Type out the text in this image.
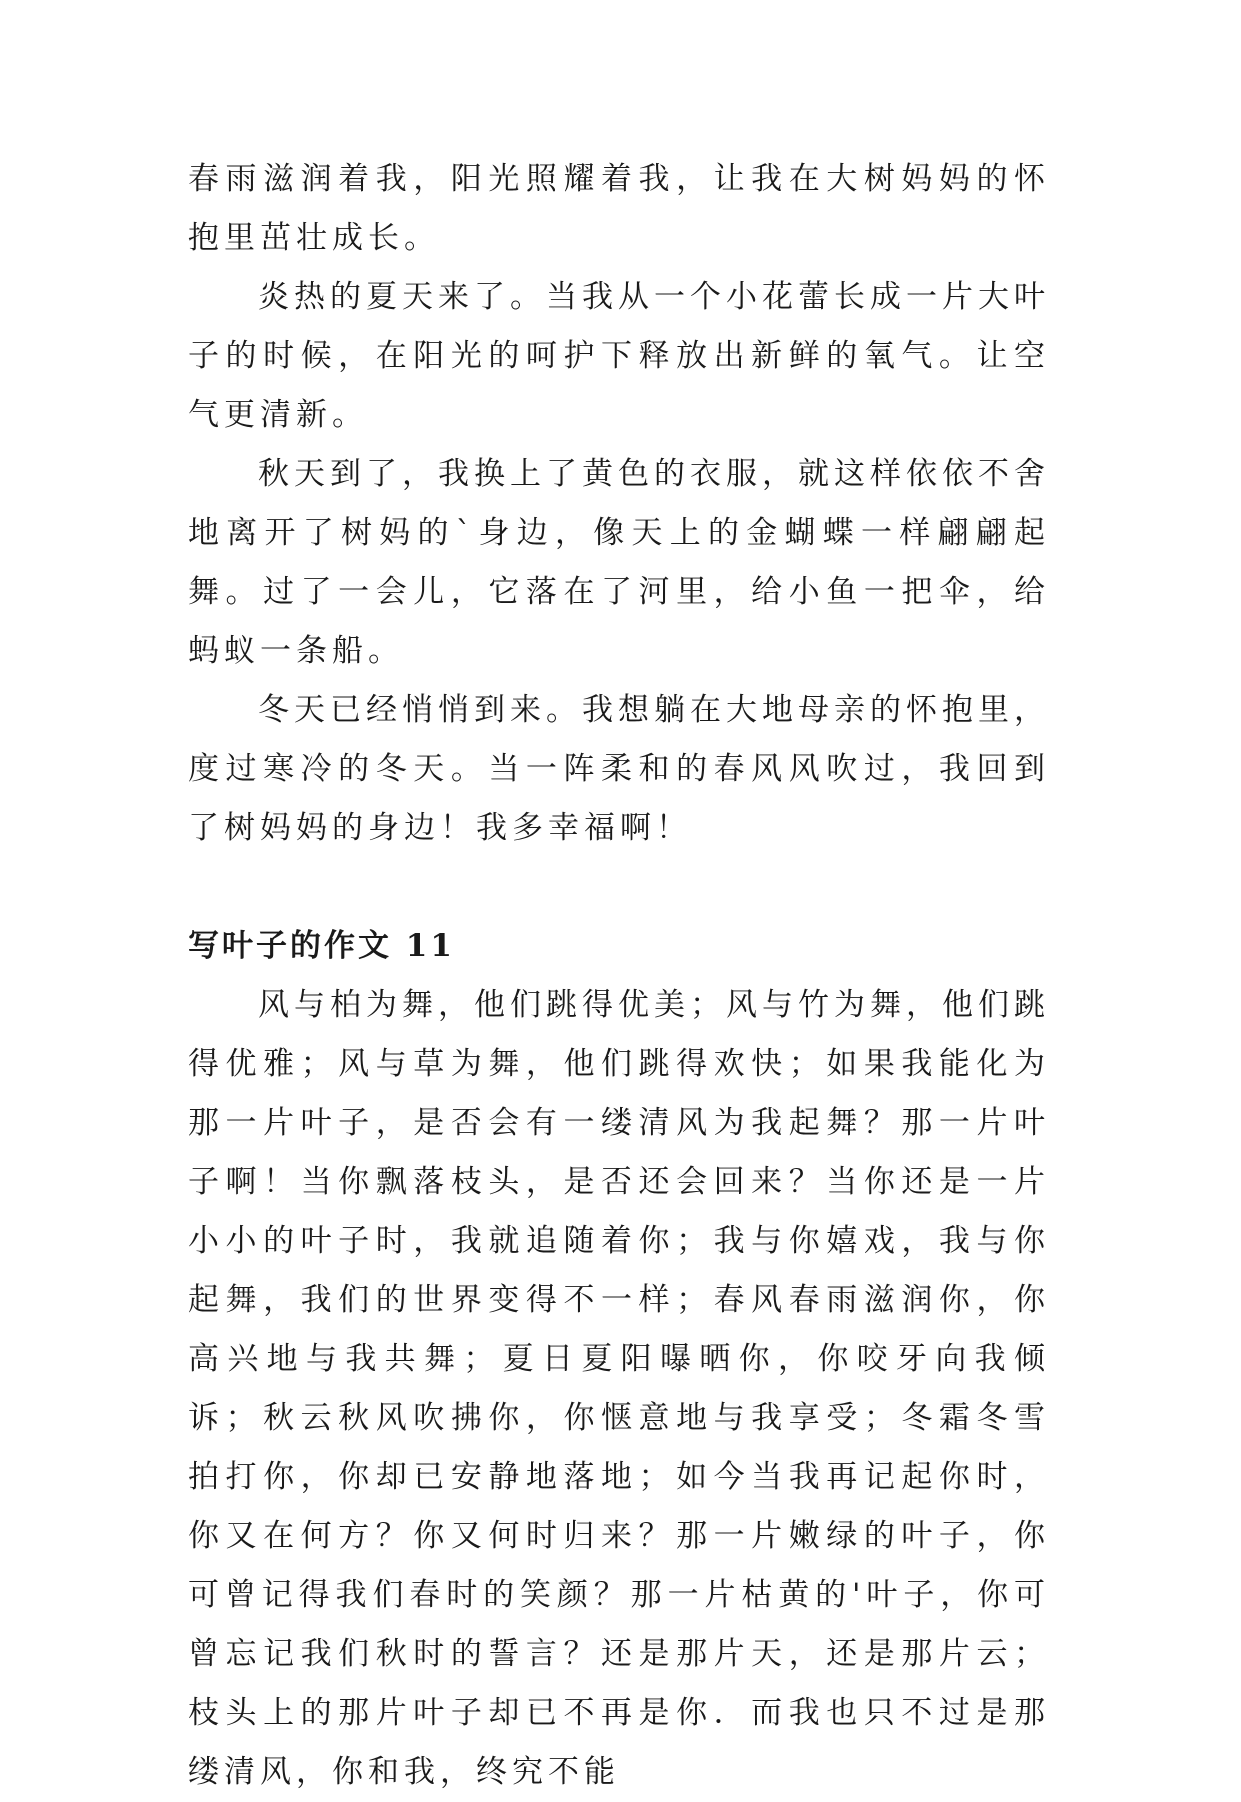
春雨滋润着我，阳光照耀着我，让我在大树妈妈的怀抱里茁壮成长。

炎热的夏天来了。当我从一个小花蕾长成一片大叶子的时候，在阳光的呵护下释放出新鲜的氧气。让空气更清新。

秋天到了，我换上了黄色的衣服，就这样依依不舍地离开了树妈的`身边，像天上的金蝴蝶一样翩翩起舞。过了一会儿，它落在了河里，给小鱼一把伞，给蚂蚁一条船。

冬天已经悄悄到来。我想躺在大地母亲的怀抱里，度过寒冷的冬天。当一阵柔和的春风风吹过，我回到了树妈妈的身边！我多幸福啊！

写叶子的作文 11

风与柏为舞，他们跳得优美；风与竹为舞，他们跳得优雅；风与草为舞，他们跳得欢快；如果我能化为那一片叶子，是否会有一缕清风为我起舞？那一片叶子啊！当你飘落枝头，是否还会回来？当你还是一片小小的叶子时，我就追随着你；我与你嬉戏，我与你起舞，我们的世界变得不一样；春风春雨滋润你，你高兴地与我共舞；夏日夏阳曝晒你，你咬牙向我倾诉；秋云秋风吹拂你，你惬意地与我享受；冬霜冬雪拍打你，你却已安静地落地；如今当我再记起你时，你又在何方？你又何时归来？那一片嫩绿的叶子，你可曾记得我们春时的笑颜？那一片枯黄的'叶子，你可曾忘记我们秋时的誓言？还是那片天，还是那片云；枝头上的那片叶子却已不再是你．而我也只不过是那缕清风，你和我，终究不能
